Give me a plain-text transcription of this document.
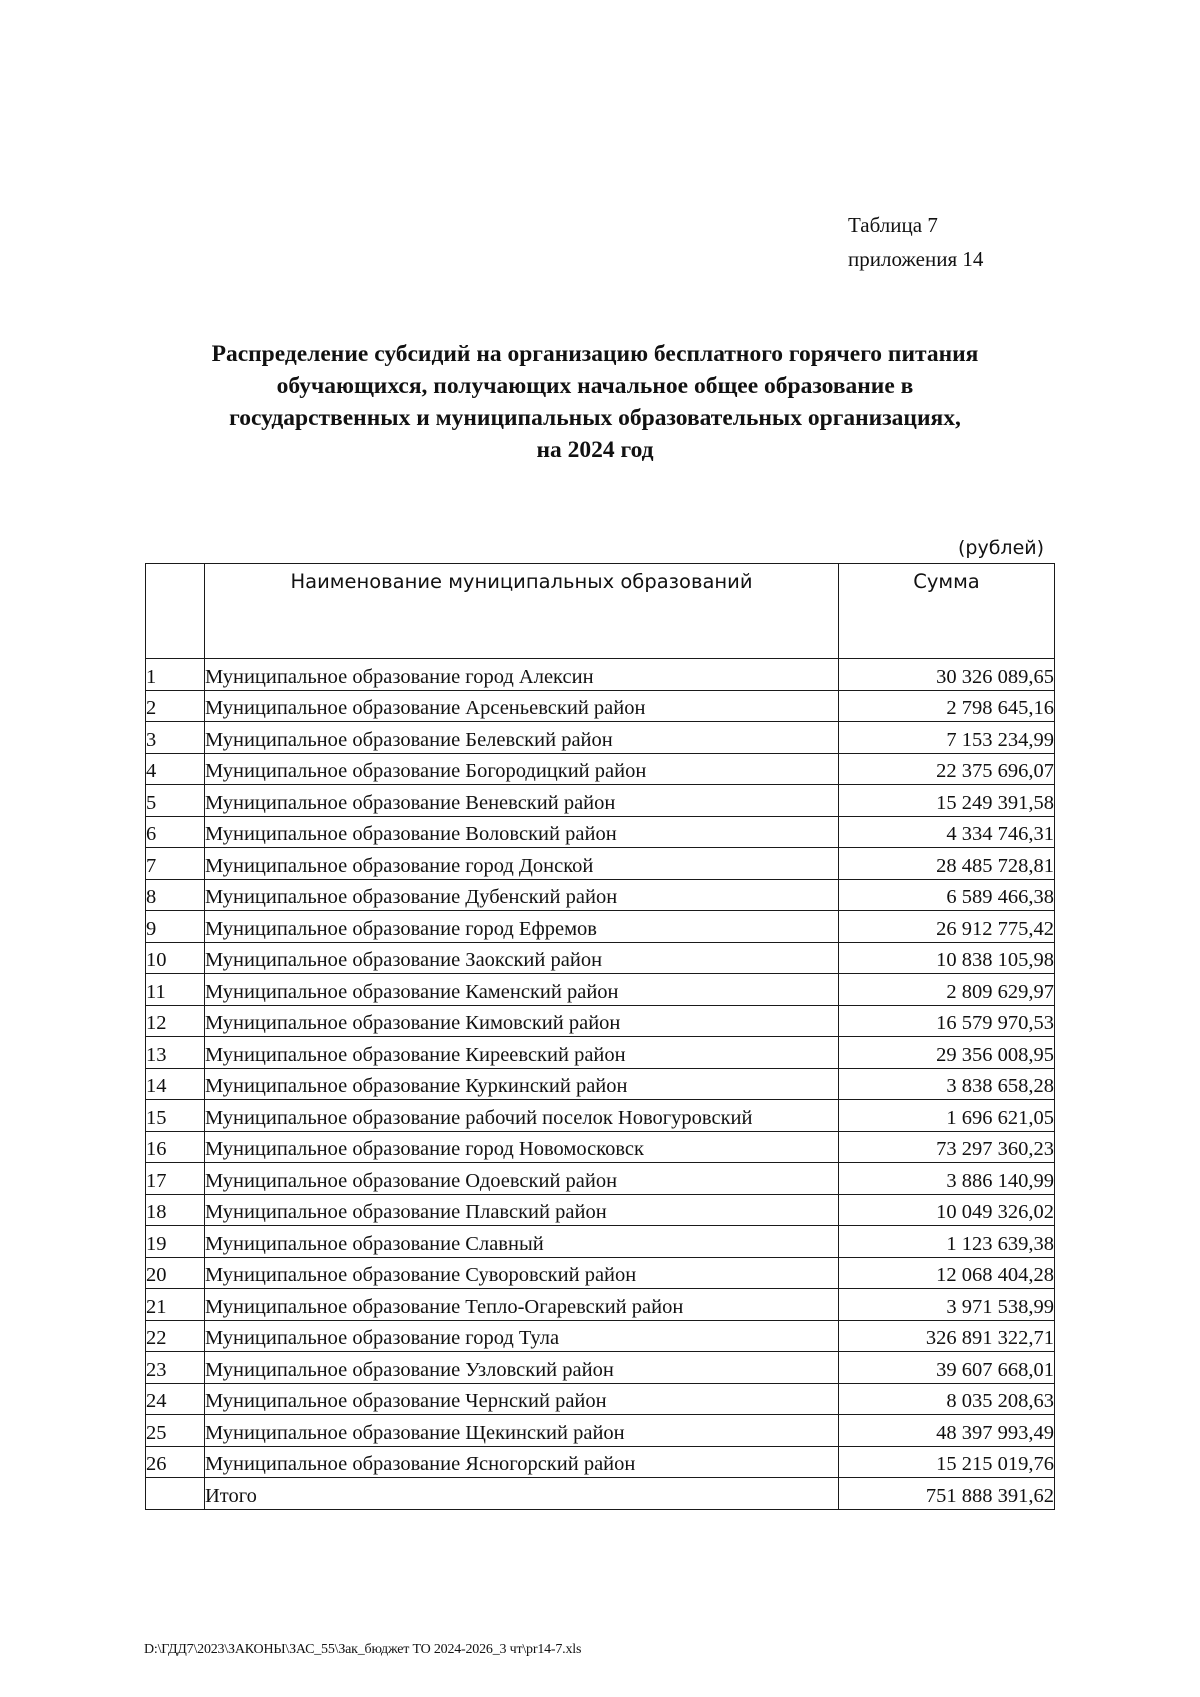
Таблица 7
приложения 14
Распределение субсидий на организацию бесплатного горячего питания
обучающихся, получающих начальное общее образование в
государственных и муниципальных образовательных организациях,
на 2024 год
(рублей)
	Наименование муниципальных образований	Сумма
1	Муниципальное образование город Алексин	30 326 089,65
2	Муниципальное образование Арсеньевский район	2 798 645,16
3	Муниципальное образование Белевский район	7 153 234,99
4	Муниципальное образование Богородицкий район	22 375 696,07
5	Муниципальное образование Веневский район	15 249 391,58
6	Муниципальное образование Воловский район	4 334 746,31
7	Муниципальное образование город Донской	28 485 728,81
8	Муниципальное образование Дубенский район	6 589 466,38
9	Муниципальное образование город Ефремов	26 912 775,42
10	Муниципальное образование Заокский район	10 838 105,98
11	Муниципальное образование Каменский район	2 809 629,97
12	Муниципальное образование Кимовский район	16 579 970,53
13	Муниципальное образование Киреевский район	29 356 008,95
14	Муниципальное образование Куркинский район	3 838 658,28
15	Муниципальное образование рабочий поселок Новогуровский	1 696 621,05
16	Муниципальное образование город Новомосковск	73 297 360,23
17	Муниципальное образование Одоевский район	3 886 140,99
18	Муниципальное образование Плавский район	10 049 326,02
19	Муниципальное образование Славный	1 123 639,38
20	Муниципальное образование Суворовский район	12 068 404,28
21	Муниципальное образование Тепло-Огаревский район	3 971 538,99
22	Муниципальное образование город Тула	326 891 322,71
23	Муниципальное образование Узловский район	39 607 668,01
24	Муниципальное образование Чернский район	8 035 208,63
25	Муниципальное образование Щекинский район	48 397 993,49
26	Муниципальное образование Ясногорский район	15 215 019,76
	Итого	751 888 391,62
D:\ГДД7\2023\ЗАКОНЫ\ЗАС_55\Зак_бюджет ТО 2024-2026_3 чт\pr14-7.xls
